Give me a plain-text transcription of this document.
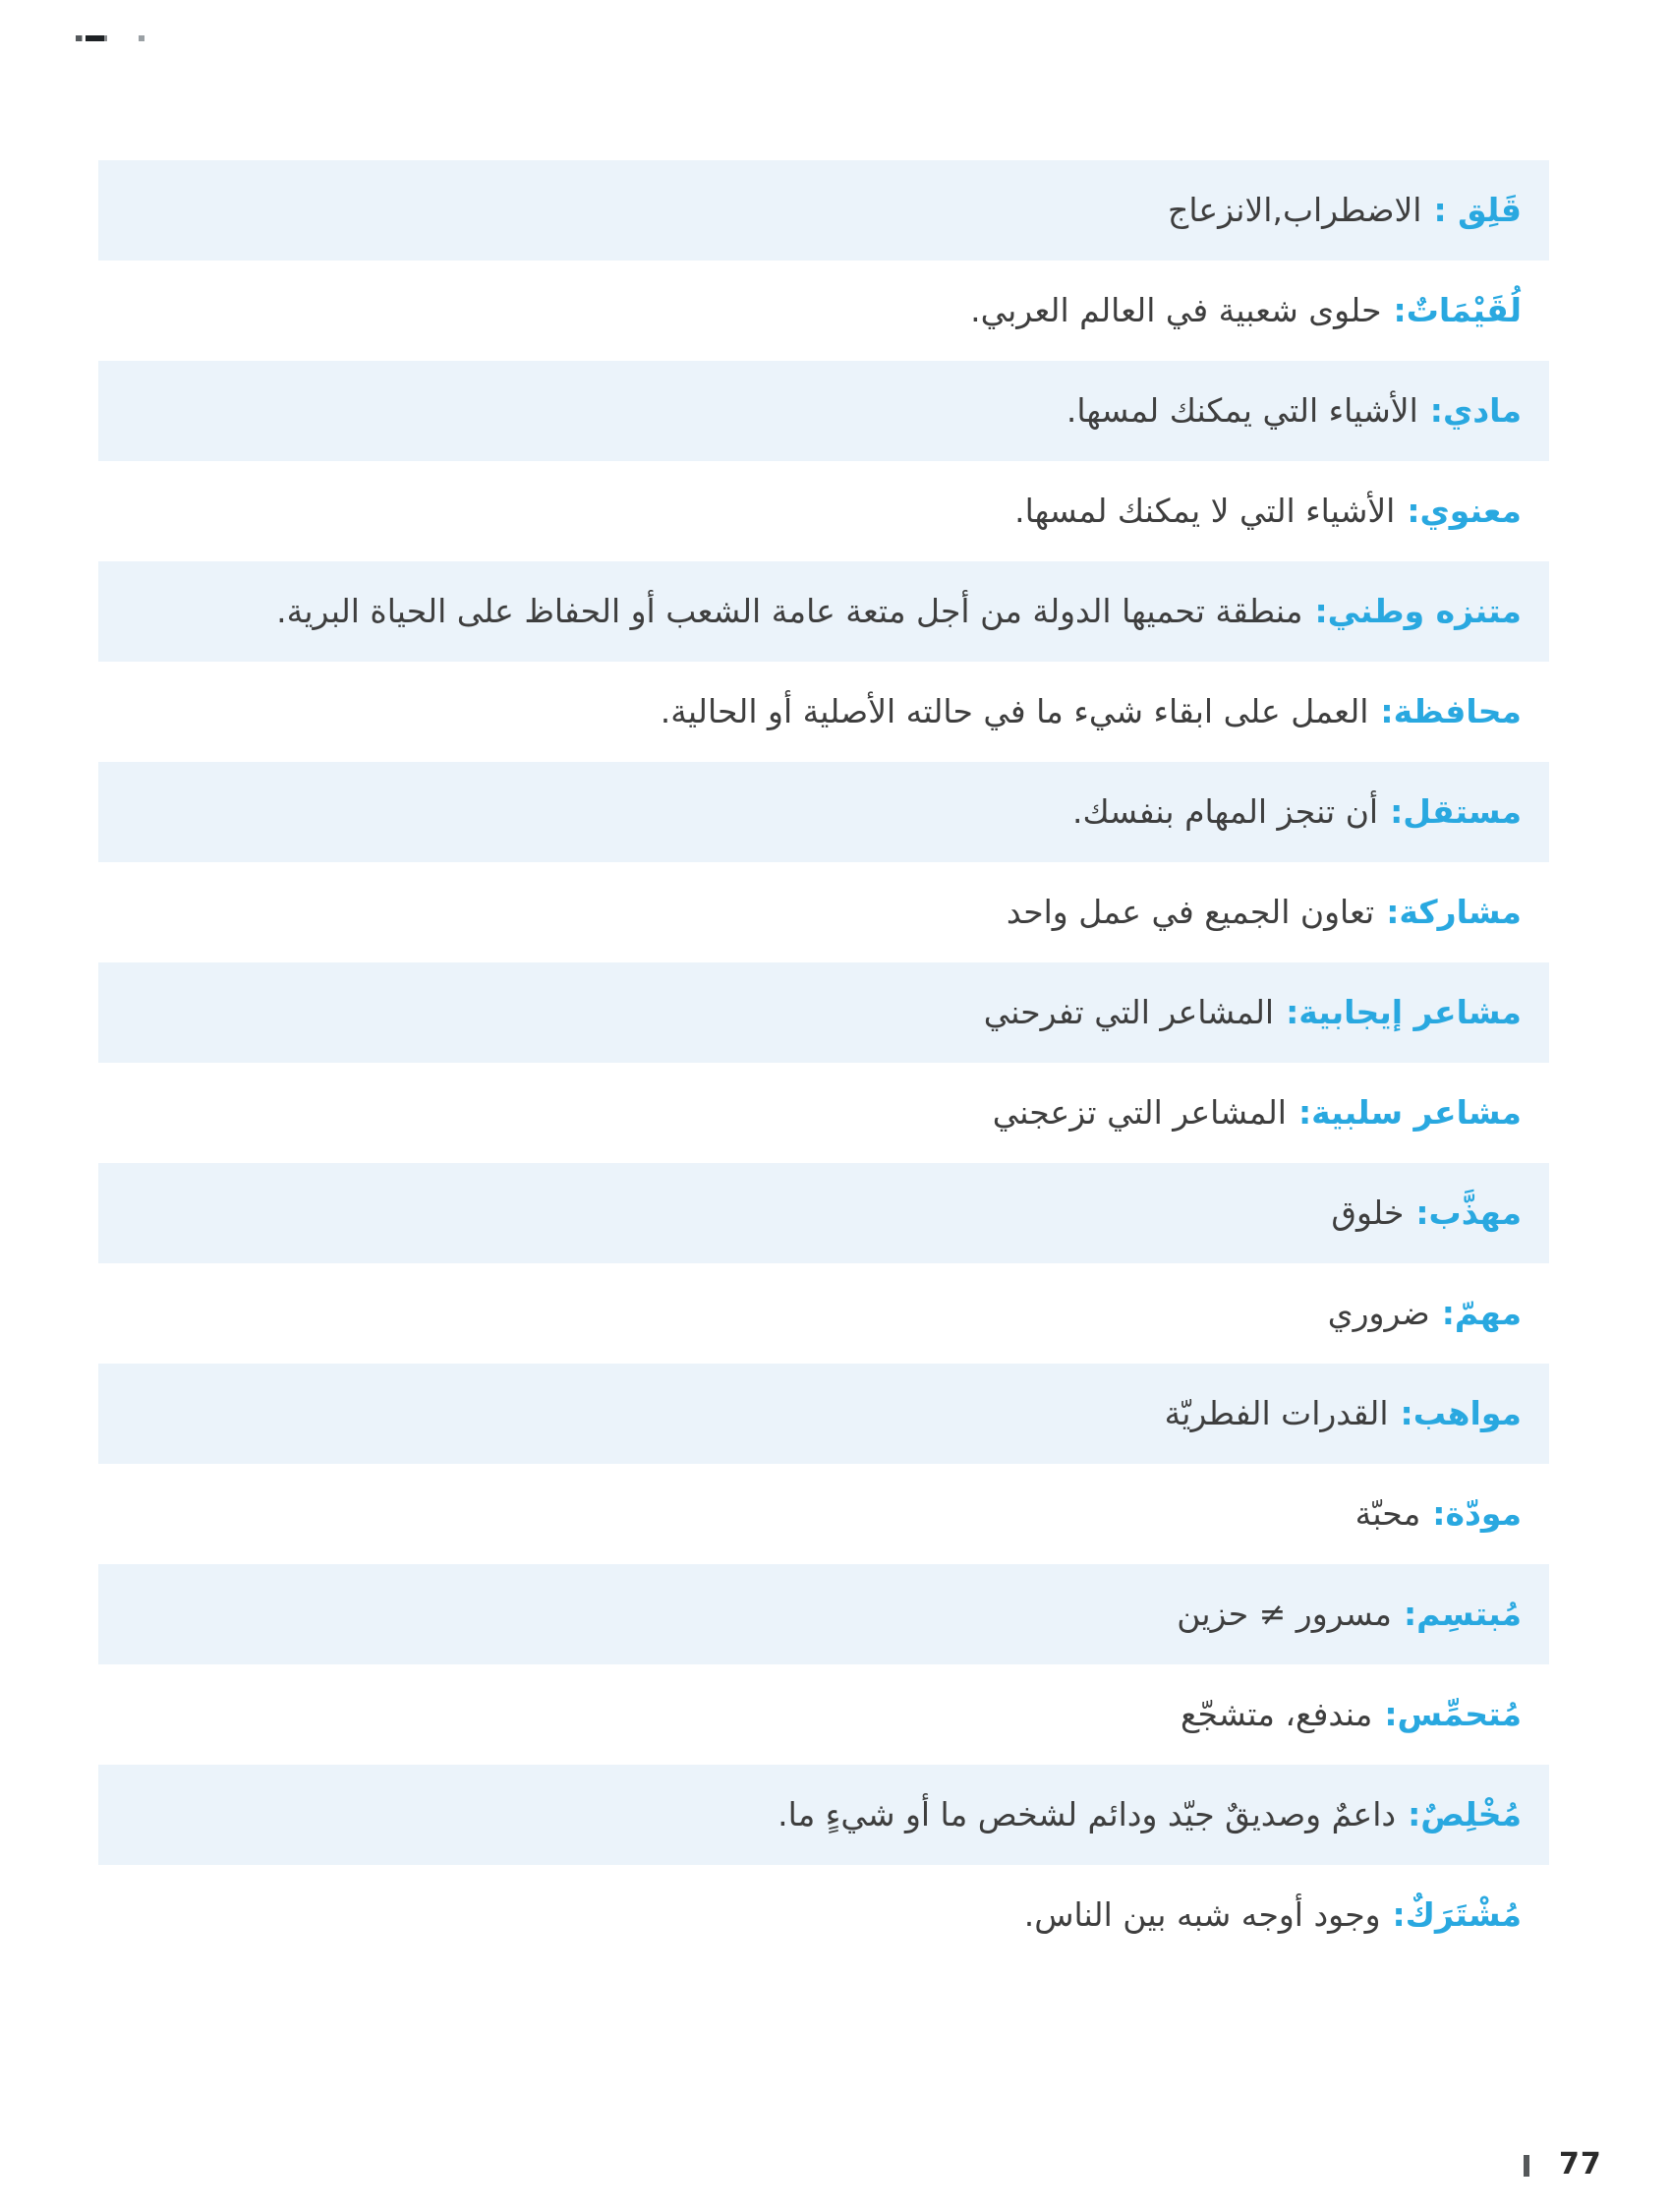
قَلِق :الاضطراب,الانزعاج
لُقَيْمَاتٌ:حلوى شعبية في العالم العربي.
مادي:الأشياء التي يمكنك لمسها.
معنوي:الأشياء التي لا يمكنك لمسها.
متنزه وطني:منطقة تحميها الدولة من أجل متعة عامة الشعب أو الحفاظ على الحياة البرية.
محافظة:العمل على ابقاء شيء ما في حالته الأصلية أو الحالية.
مستقل:أن تنجز المهام بنفسك.
مشاركة:تعاون الجميع في عمل واحد
مشاعر إيجابية:المشاعر التي تفرحني
مشاعر سلبية:المشاعر التي تزعجني
مهذَّب:خلوق
مهمّ:ضروري
مواهب:القدرات الفطريّة
مودّة:محبّة
مُبتسِم:مسرور ≠ حزين
مُتحمِّس:مندفع، متشجّع
مُخْلِصٌ:داعمٌ وصديقٌ جيّد ودائم لشخص ما أو شيءٍ ما.
مُشْتَرَكٌ:وجود أوجه شبه بين الناس.
77
